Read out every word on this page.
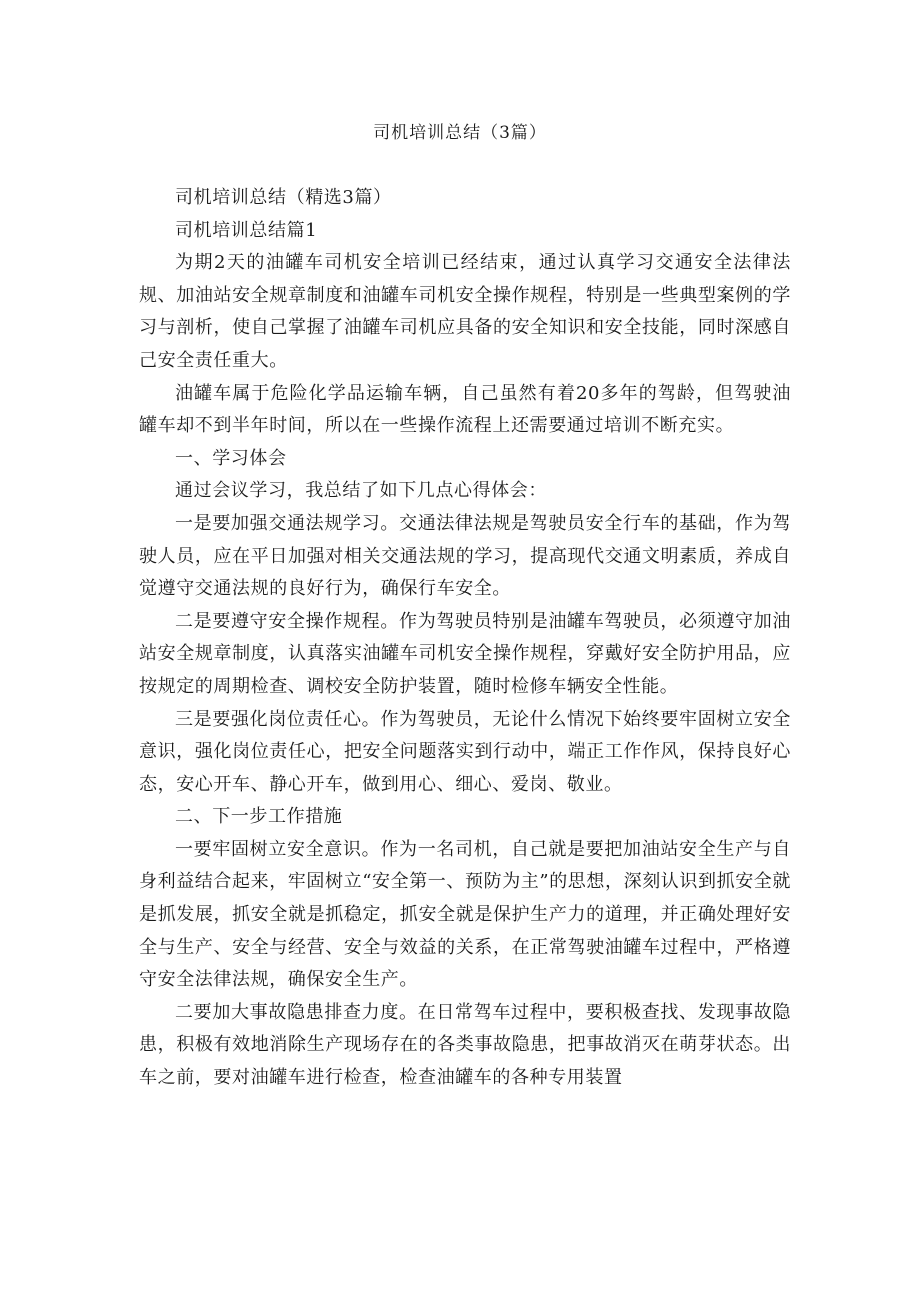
司机培训总结（3篇）

司机培训总结（精选3篇）

司机培训总结篇1

为期2天的油罐车司机安全培训已经结束，通过认真学习交通安全法律法规、加油站安全规章制度和油罐车司机安全操作规程，特别是一些典型案例的学习与剖析，使自己掌握了油罐车司机应具备的安全知识和安全技能，同时深感自己安全责任重大。

油罐车属于危险化学品运输车辆，自己虽然有着20多年的驾龄，但驾驶油罐车却不到半年时间，所以在一些操作流程上还需要通过培训不断充实。

一、学习体会

通过会议学习，我总结了如下几点心得体会：

一是要加强交通法规学习。交通法律法规是驾驶员安全行车的基础，作为驾驶人员，应在平日加强对相关交通法规的学习，提高现代交通文明素质，养成自觉遵守交通法规的良好行为，确保行车安全。

二是要遵守安全操作规程。作为驾驶员特别是油罐车驾驶员，必须遵守加油站安全规章制度，认真落实油罐车司机安全操作规程，穿戴好安全防护用品，应按规定的周期检查、调校安全防护装置，随时检修车辆安全性能。

三是要强化岗位责任心。作为驾驶员，无论什么情况下始终要牢固树立安全意识，强化岗位责任心，把安全问题落实到行动中，端正工作作风，保持良好心态，安心开车、静心开车，做到用心、细心、爱岗、敬业。

二、下一步工作措施

一要牢固树立安全意识。作为一名司机，自己就是要把加油站安全生产与自身利益结合起来，牢固树立“安全第一、预防为主”的思想，深刻认识到抓安全就是抓发展，抓安全就是抓稳定，抓安全就是保护生产力的道理，并正确处理好安全与生产、安全与经营、安全与效益的关系，在正常驾驶油罐车过程中，严格遵守安全法律法规，确保安全生产。

二要加大事故隐患排查力度。在日常驾车过程中，要积极查找、发现事故隐患，积极有效地消除生产现场存在的各类事故隐患，把事故消灭在萌芽状态。出车之前，要对油罐车进行检查，检查油罐车的各种专用装置
